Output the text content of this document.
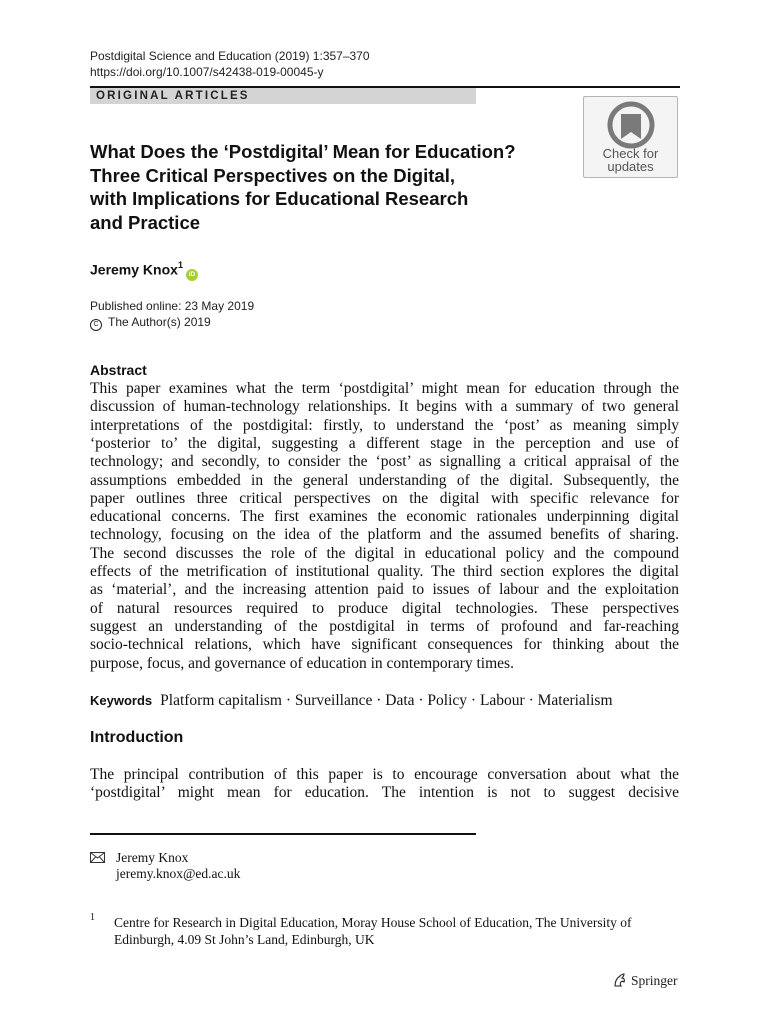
Postdigital Science and Education (2019) 1:357–370
https://doi.org/10.1007/s42438-019-00045-y
ORIGINAL ARTICLES
Check for
updates
What Does the ‘Postdigital’ Mean for Education?
Three Critical Perspectives on the Digital,
with Implications for Educational Research
and Practice
Jeremy Knox$^1$iD
Published online: 23 May 2019
C The Author(s) 2019
Abstract
This paper examines what the term ‘postdigital’ might mean for education through the
discussion of human-technology relationships. It begins with a summary of two general
interpretations of the postdigital: firstly, to understand the ‘post’ as meaning simply
‘posterior to’ the digital, suggesting a different stage in the perception and use of
technology; and secondly, to consider the ‘post’ as signalling a critical appraisal of the
assumptions embedded in the general understanding of the digital. Subsequently, the
paper outlines three critical perspectives on the digital with specific relevance for
educational concerns. The first examines the economic rationales underpinning digital
technology, focusing on the idea of the platform and the assumed benefits of sharing.
The second discusses the role of the digital in educational policy and the compound
effects of the metrification of institutional quality. The third section explores the digital
as ‘material’, and the increasing attention paid to issues of labour and the exploitation
of natural resources required to produce digital technologies. These perspectives
suggest an understanding of the postdigital in terms of profound and far-reaching
socio-technical relations, which have significant consequences for thinking about the
purpose, focus, and governance of education in contemporary times.
Keywords Platform capitalism · Surveillance · Data · Policy · Labour · Materialism
Introduction
The principal contribution of this paper is to encourage conversation about what the
‘postdigital’ might mean for education. The intention is not to suggest decisive
Jeremy Knox
jeremy.knox@ed.ac.uk
1 Centre for Research in Digital Education, Moray House School of Education, The University of
Edinburgh, 4.09 St John’s Land, Edinburgh, UK
Springer
